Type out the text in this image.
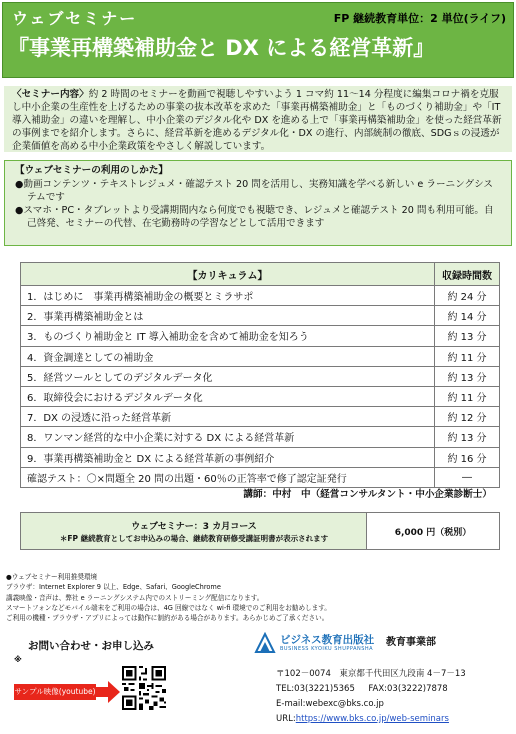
ウェブセミナー	FP 継続教育単位：2 単位(ライフ)
『事業再構築補助金と DX による経営革新』
〈セミナー内容〉約 2 時間のセミナーを動画で視聴しやすいよう 1 コマ約 11～14 分程度に編集コロナ禍を克服し中小企業の生産性を上げるための事業の抜本改革を求めた「事業再構築補助金」と「ものづくり補助金」や「IT 導入補助金」の違いを理解し、中小企業のデジタル化や DX を進める上で「事業再構築補助金」を使った経営革新の事例までを紹介します。さらに、経営革新を進めるデジタル化・DX の進行、内部統制の徹底、SDGｓの浸透が企業価値を高める中小企業政策をやさしく解説しています。
【ウェブセミナーの利用のしかた】
●動画コンテンツ・テキストレジュメ・確認テスト 20 問を活用し、実務知識を学べる新しい e ラーニングシステムです
●スマホ・PC・タブレットより受講期間内なら何度でも視聴でき、レジュメと確認テスト 20 問も利用可能。自己啓発、セミナーの代替、在宅勤務時の学習などとして活用できます
【カリキュラム】	収録時間数
1．はじめに　事業再構築補助金の概要とミラサポ	約 24 分
2．事業再構築補助金とは	約 14 分
3．ものづくり補助金と IT 導入補助金を含めて補助金を知ろう	約 13 分
4．資金調達としての補助金	約 11 分
5．経営ツールとしてのデジタルデータ化	約 13 分
6．取締役会におけるデジタルデータ化	約 11 分
7．DX の浸透に沿った経営革新	約 12 分
8．ワンマン経営的な中小企業に対する DX による経営革新	約 13 分
9．事業再構築補助金と DX による経営革新の事例紹介	約 16 分
確認テスト：〇×問題全 20 問の出題・60％の正答率で修了認定証発行	―
講師：中村　中（経営コンサルタント・中小企業診断士）
ウェブセミナー：3 カ月コース
＊FP 継続教育としてお申込みの場合、継続教育研修受講証明書が表示されます
6,000 円（税別）
●ウェブセミナー利用推奨環境
ブラウザ：Internet Explorer 9 以上、Edge、Safari、GoogleChrome
講義映像・音声は、弊社 e ラーニングシステム内でのストリーミング配信になります。
スマートフォンなどモバイル端末をご利用の場合は、4G 回線ではなく wi-fi 環境でのご利用をお勧めします。
ご利用の機種・ブラウザ・アプリによっては動作に制約がある場合があります。あらかじめご了承ください。
お問い合わせ・お申し込み
※
サンプル映像(youtube)
ビジネス教育出版社
BUSINESS KYOIKU SHUPPANSHA
教育事業部
〒102－0074　東京都千代田区九段南 4－7－13
TEL:03(3221)5365 FAX:03(3222)7878
E-mail:webexc@bks.co.jp
URL:https://www.bks.co.jp/web-seminars
